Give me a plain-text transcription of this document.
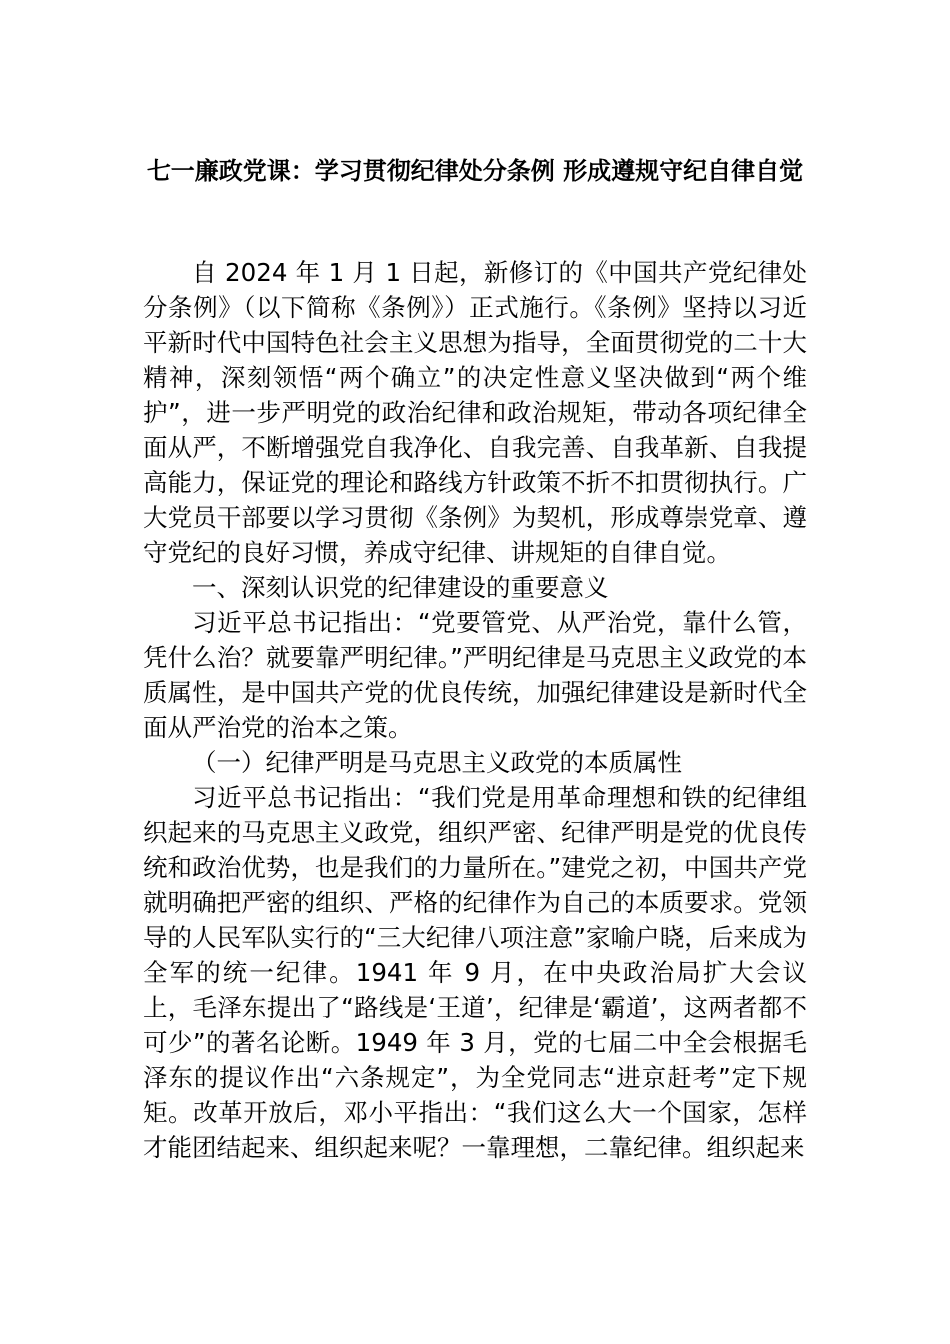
七一廉政党课：学习贯彻纪律处分条例 形成遵规守纪自律自觉

自 2024 年 1 月 1 日起，新修订的《中国共产党纪律处分条例》（以下简称《条例》）正式施行。《条例》坚持以习近平新时代中国特色社会主义思想为指导，全面贯彻党的二十大精神，深刻领悟“两个确立”的决定性意义坚决做到“两个维护”，进一步严明党的政治纪律和政治规矩，带动各项纪律全面从严，不断增强党自我净化、自我完善、自我革新、自我提高能力，保证党的理论和路线方针政策不折不扣贯彻执行。广大党员干部要以学习贯彻《条例》为契机，形成尊崇党章、遵守党纪的良好习惯，养成守纪律、讲规矩的自律自觉。

一、深刻认识党的纪律建设的重要意义

习近平总书记指出：“党要管党、从严治党，靠什么管，凭什么治？就要靠严明纪律。”严明纪律是马克思主义政党的本质属性，是中国共产党的优良传统，加强纪律建设是新时代全面从严治党的治本之策。

（一）纪律严明是马克思主义政党的本质属性

习近平总书记指出：“我们党是用革命理想和铁的纪律组织起来的马克思主义政党，组织严密、纪律严明是党的优良传统和政治优势，也是我们的力量所在。”建党之初，中国共产党就明确把严密的组织、严格的纪律作为自己的本质要求。党领导的人民军队实行的“三大纪律八项注意”家喻户晓，后来成为全军的统一纪律。1941 年 9 月，在中央政治局扩大会议上，毛泽东提出了“路线是‘王道’，纪律是‘霸道’，这两者都不可少”的著名论断。1949 年 3 月，党的七届二中全会根据毛泽东的提议作出“六条规定”，为全党同志“进京赶考”定下规矩。改革开放后，邓小平指出：“我们这么大一个国家，怎样才能团结起来、组织起来呢？一靠理想，二靠纪律。组织起来
